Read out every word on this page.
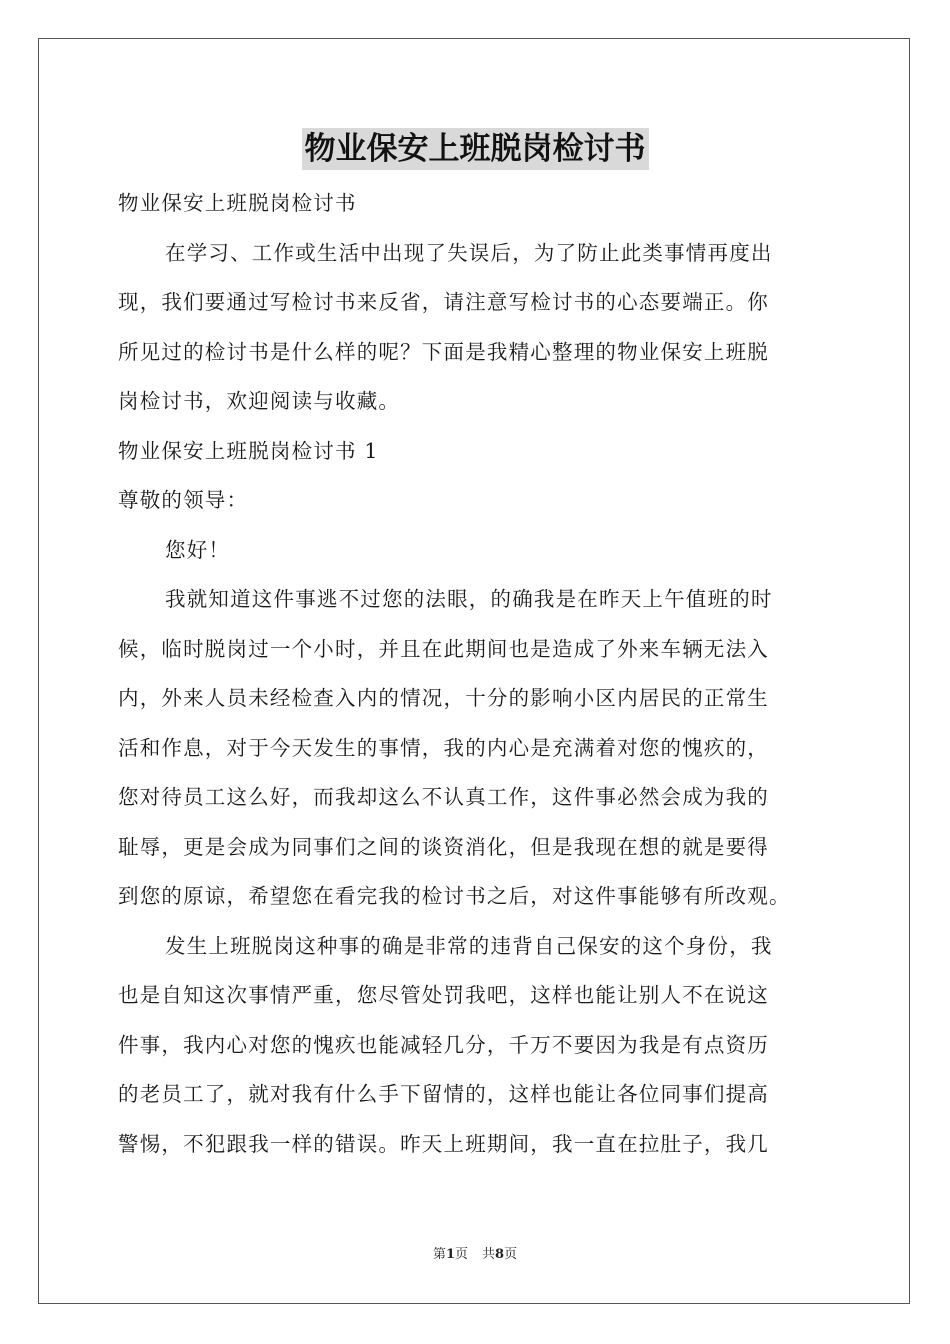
物业保安上班脱岗检讨书
物业保安上班脱岗检讨书
在学习、工作或生活中出现了失误后，为了防止此类事情再度出
现，我们要通过写检讨书来反省，请注意写检讨书的心态要端正。你
所见过的检讨书是什么样的呢？下面是我精心整理的物业保安上班脱
岗检讨书，欢迎阅读与收藏。
物业保安上班脱岗检讨书 1
尊敬的领导：
您好！
我就知道这件事逃不过您的法眼，的确我是在昨天上午值班的时
候，临时脱岗过一个小时，并且在此期间也是造成了外来车辆无法入
内，外来人员未经检查入内的情况，十分的影响小区内居民的正常生
活和作息，对于今天发生的事情，我的内心是充满着对您的愧疚的，
您对待员工这么好，而我却这么不认真工作，这件事必然会成为我的
耻辱，更是会成为同事们之间的谈资消化，但是我现在想的就是要得
到您的原谅，希望您在看完我的检讨书之后，对这件事能够有所改观。
发生上班脱岗这种事的确是非常的违背自己保安的这个身份，我
也是自知这次事情严重，您尽管处罚我吧，这样也能让别人不在说这
件事，我内心对您的愧疚也能减轻几分，千万不要因为我是有点资历
的老员工了，就对我有什么手下留情的，这样也能让各位同事们提高
警惕，不犯跟我一样的错误。昨天上班期间，我一直在拉肚子，我几
第1页 共8页
